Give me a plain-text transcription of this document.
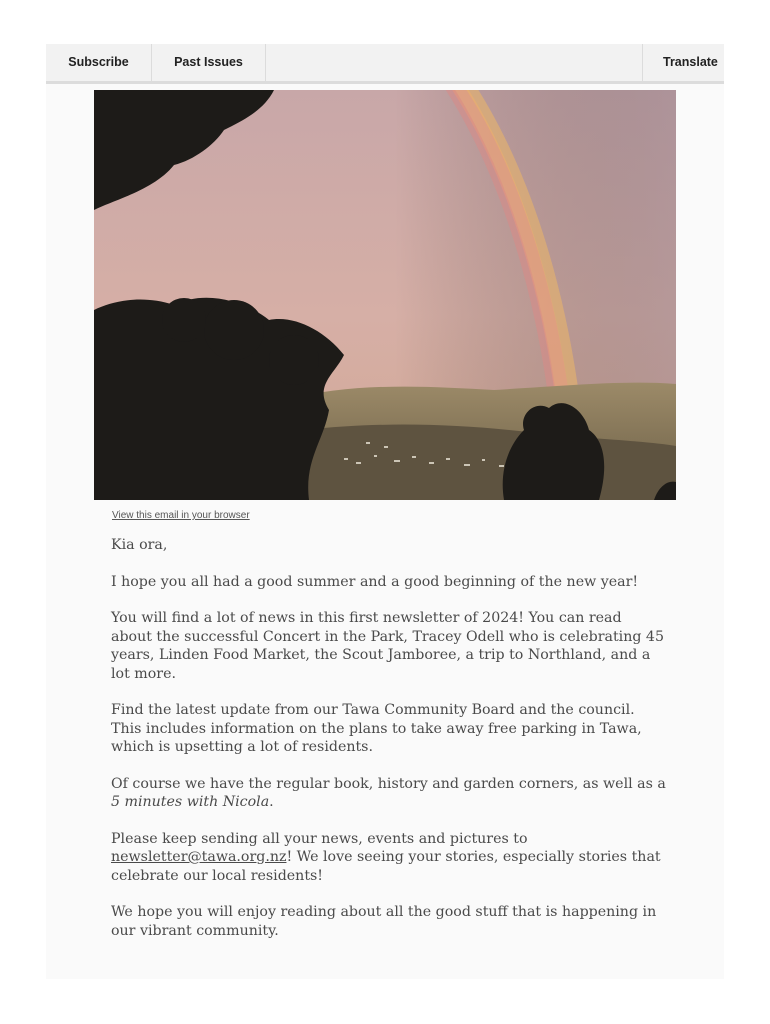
Subscribe	Past Issues	Translate
View this email in your browser

Kia ora,

I hope you all had a good summer and a good beginning of the new year!

You will find a lot of news in this first newsletter of 2024! You can read about the successful Concert in the Park, Tracey Odell who is celebrating 45 years, Linden Food Market, the Scout Jamboree, a trip to Northland, and a lot more.

Find the latest update from our Tawa Community Board and the council. This includes information on the plans to take away free parking in Tawa, which is upsetting a lot of residents.

Of course we have the regular book, history and garden corners, as well as a 5 minutes with Nicola.

Please keep sending all your news, events and pictures to newsletter@tawa.org.nz! We love seeing your stories, especially stories that celebrate our local residents!

We hope you will enjoy reading about all the good stuff that is happening in our vibrant community.
